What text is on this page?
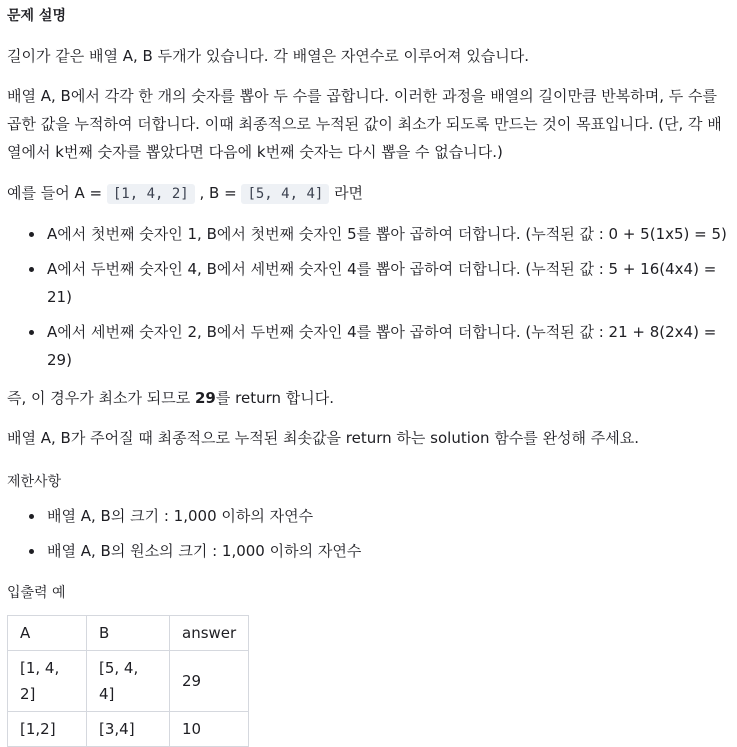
문제 설명

길이가 같은 배열 A, B 두개가 있습니다. 각 배열은 자연수로 이루어져 있습니다.

배열 A, B에서 각각 한 개의 숫자를 뽑아 두 수를 곱합니다. 이러한 과정을 배열의 길이만큼 반복하며, 두 수를 곱한 값을 누적하여 더합니다. 이때 최종적으로 누적된 값이 최소가 되도록 만드는 것이 목표입니다. (단, 각 배열에서 k번째 숫자를 뽑았다면 다음에 k번째 숫자는 다시 뽑을 수 없습니다.)

예를 들어 A = [1, 4, 2] , B = [5, 4, 4] 라면

• A에서 첫번째 숫자인 1, B에서 첫번째 숫자인 5를 뽑아 곱하여 더합니다. (누적된 값 : 0 + 5(1x5) = 5)
• A에서 두번째 숫자인 4, B에서 세번째 숫자인 4를 뽑아 곱하여 더합니다. (누적된 값 : 5 + 16(4x4) = 21)
• A에서 세번째 숫자인 2, B에서 두번째 숫자인 4를 뽑아 곱하여 더합니다. (누적된 값 : 21 + 8(2x4) = 29)

즉, 이 경우가 최소가 되므로 29를 return 합니다.

배열 A, B가 주어질 때 최종적으로 누적된 최솟값을 return 하는 solution 함수를 완성해 주세요.

제한사항
• 배열 A, B의 크기 : 1,000 이하의 자연수
• 배열 A, B의 원소의 크기 : 1,000 이하의 자연수
입출력 예
A	B	answer
[1, 4, 2]	[5, 4, 4]	29
[1,2]	[3,4]	10
